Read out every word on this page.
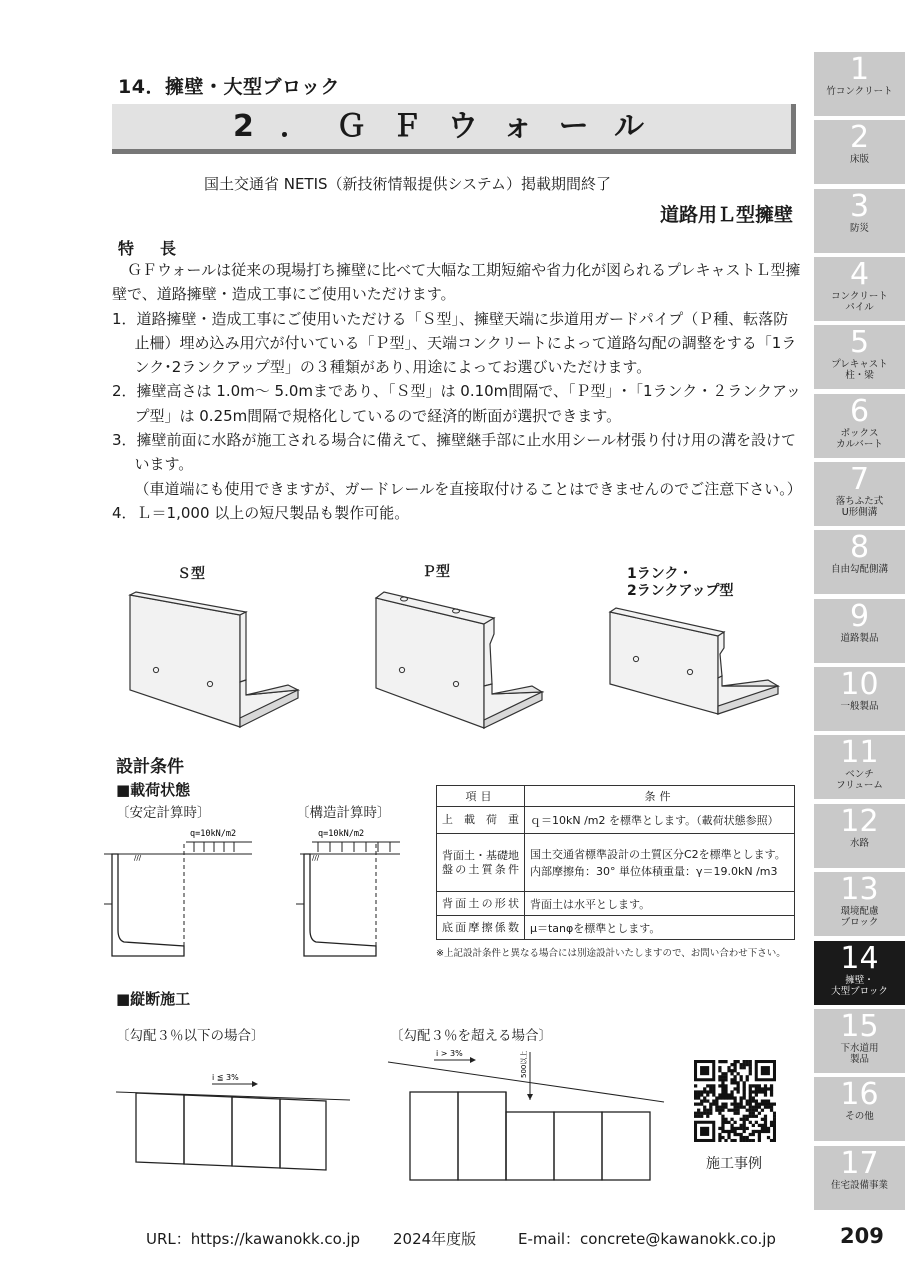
1
竹コンクリート
2
床版
3
防災
4
コンクリート
パイル
5
プレキャスト
柱・梁
6
ボックス
カルバート
7
落ちふた式
U形側溝
8
自由勾配側溝
9
道路製品
10
一般製品
11
ベンチ
フリューム
12
水路
13
環境配慮
ブロック
14
擁壁・
大型ブロック
15
下水道用
製品
16
その他
17
住宅設備事業
14．擁壁・大型ブロック
2．ＧＦウォール
国土交通省 NETIS（新技術情報提供システム）掲載期間終了
道路用Ｌ型擁壁
特長

ＧＦウォールは従来の現場打ち擁壁に比べて大幅な工期短縮や省力化が図られるプレキャストＬ型擁壁で、道路擁壁・造成工事にご使用いただけます。

1．道路擁壁・造成工事にご使用いただける「Ｓ型」、擁壁天端に歩道用ガードパイプ（Ｐ種、転落防止柵）埋め込み用穴が付いている「Ｐ型」、天端コンクリートによって道路勾配の調整をする「1ランク･2ランクアップ型」の３種類があり､用途によってお選びいただけます。

2．擁壁高さは 1.0m～ 5.0mまであり、「Ｓ型」は 0.10m間隔で、「Ｐ型」･「1ランク・２ランクアップ型」は 0.25m間隔で規格化しているので経済的断面が選択できます。

3．擁壁前面に水路が施工される場合に備えて、擁壁継手部に止水用シール材張り付け用の溝を設けています。

（車道端にも使用できますが、ガードレールを直接取付けることはできませんのでご注意下さい。）

4．Ｌ＝1,000 以上の短尺製品も製作可能。

Ｓ型	Ｐ型	1ランク・
2ランクアップ型
設計条件
■載荷状態
〔安定計算時〕	〔構造計算時〕
q=10kN/m2
///
q=10kN/m2
///
項目	条件
上載荷重	ｑ＝10kN /m2 を標準とします。（載荷状態参照）
背面土・基礎地盤の土質条件	国土交通省標準設計の土質区分C2を標準とします。
内部摩擦角：30° 単位体積重量：γ＝19.0kN /m3
背面土の形状	背面土は水平とします。
底面摩擦係数	μ＝tanφを標準とします。
※上記設計条件と異なる場合には別途設計いたしますので、お問い合わせ下さい。
■縦断施工
〔勾配３％以下の場合〕	〔勾配３％を超える場合〕
i ≦ 3%
i > 3%	500以上
施工事例
URL：https://kawanokk.co.jp 2024年度版	E-mail：concrete@kawanokk.co.jp	209
